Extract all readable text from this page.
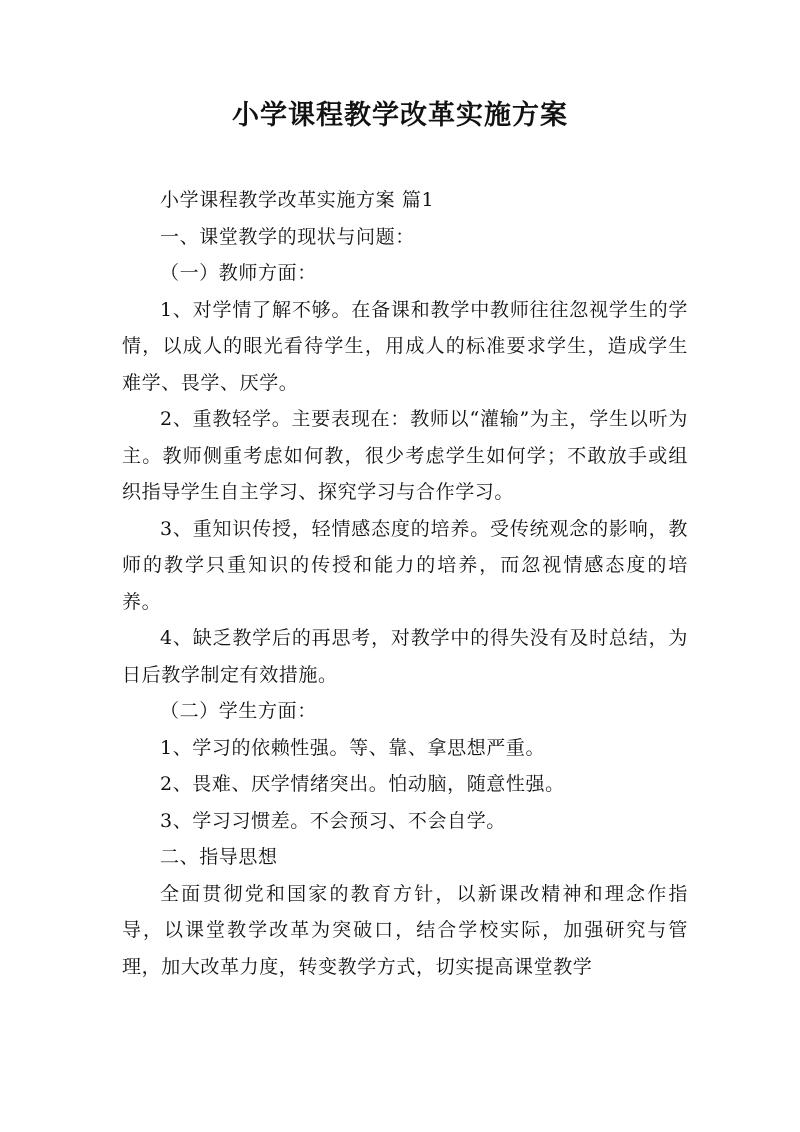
小学课程教学改革实施方案

小学课程教学改革实施方案 篇1

一、课堂教学的现状与问题：

（一）教师方面：

1、对学情了解不够。在备课和教学中教师往往忽视学生的学情，以成人的眼光看待学生，用成人的标准要求学生，造成学生难学、畏学、厌学。

2、重教轻学。主要表现在：教师以“灌输”为主，学生以听为主。教师侧重考虑如何教，很少考虑学生如何学；不敢放手或组织指导学生自主学习、探究学习与合作学习。

3、重知识传授，轻情感态度的培养。受传统观念的影响，教师的教学只重知识的传授和能力的培养，而忽视情感态度的培养。

4、缺乏教学后的再思考，对教学中的得失没有及时总结，为日后教学制定有效措施。

（二）学生方面：

1、学习的依赖性强。等、靠、拿思想严重。

2、畏难、厌学情绪突出。怕动脑，随意性强。

3、学习习惯差。不会预习、不会自学。

二、指导思想

全面贯彻党和国家的教育方针，以新课改精神和理念作指导，以课堂教学改革为突破口，结合学校实际，加强研究与管理，加大改革力度，转变教学方式，切实提高课堂教学
